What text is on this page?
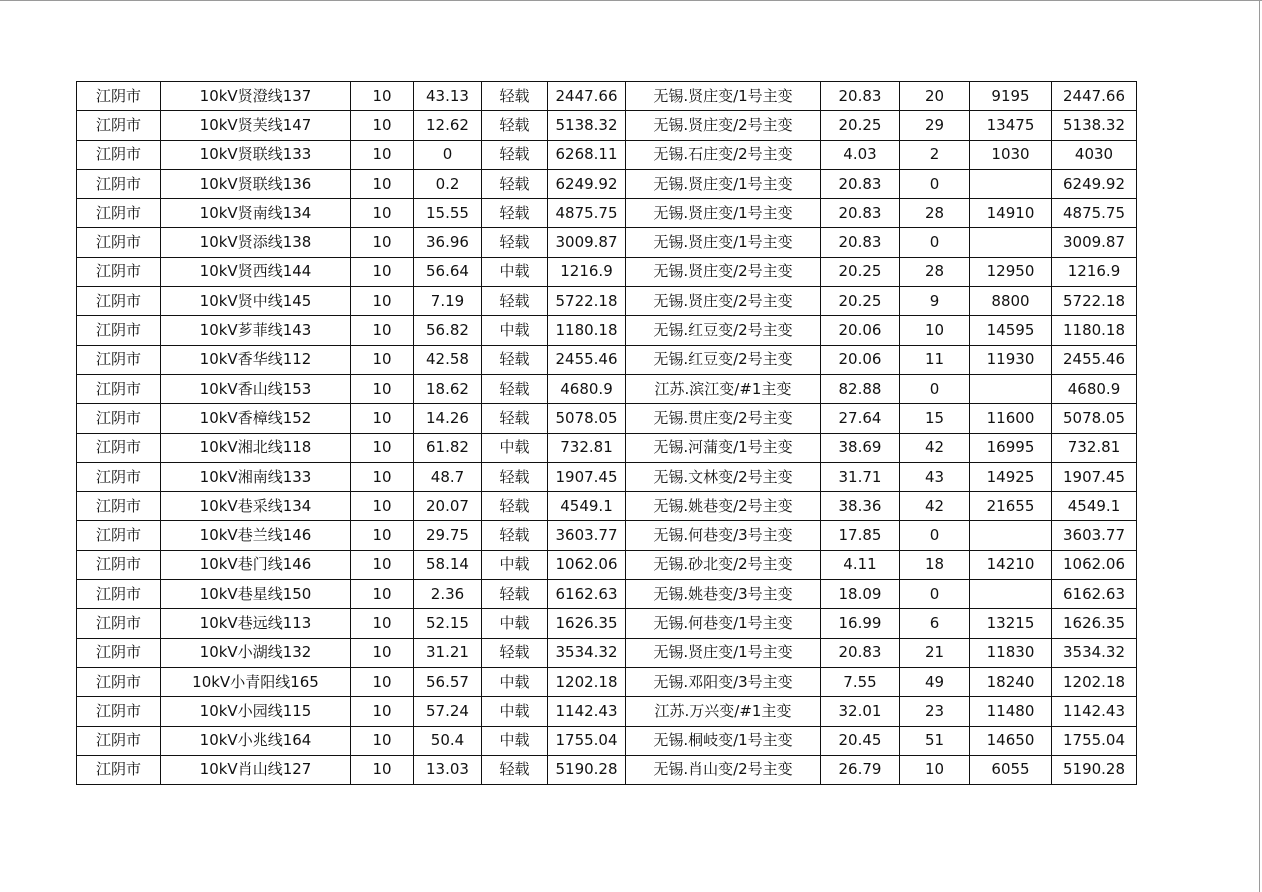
江阴市	10kV贤澄线137	10	43.13	轻载	2447.66	无锡.贤庄变/1号主变	20.83	20	9195	2447.66
江阴市	10kV贤芙线147	10	12.62	轻载	5138.32	无锡.贤庄变/2号主变	20.25	29	13475	5138.32
江阴市	10kV贤联线133	10	0	轻载	6268.11	无锡.石庄变/2号主变	4.03	2	1030	4030
江阴市	10kV贤联线136	10	0.2	轻载	6249.92	无锡.贤庄变/1号主变	20.83	0		6249.92
江阴市	10kV贤南线134	10	15.55	轻载	4875.75	无锡.贤庄变/1号主变	20.83	28	14910	4875.75
江阴市	10kV贤添线138	10	36.96	轻载	3009.87	无锡.贤庄变/1号主变	20.83	0		3009.87
江阴市	10kV贤西线144	10	56.64	中载	1216.9	无锡.贤庄变/2号主变	20.25	28	12950	1216.9
江阴市	10kV贤中线145	10	7.19	轻载	5722.18	无锡.贤庄变/2号主变	20.25	9	8800	5722.18
江阴市	10kV芗菲线143	10	56.82	中载	1180.18	无锡.红豆变/2号主变	20.06	10	14595	1180.18
江阴市	10kV香华线112	10	42.58	轻载	2455.46	无锡.红豆变/2号主变	20.06	11	11930	2455.46
江阴市	10kV香山线153	10	18.62	轻载	4680.9	江苏.滨江变/#1主变	82.88	0		4680.9
江阴市	10kV香樟线152	10	14.26	轻载	5078.05	无锡.贯庄变/2号主变	27.64	15	11600	5078.05
江阴市	10kV湘北线118	10	61.82	中载	732.81	无锡.河蒲变/1号主变	38.69	42	16995	732.81
江阴市	10kV湘南线133	10	48.7	轻载	1907.45	无锡.文林变/2号主变	31.71	43	14925	1907.45
江阴市	10kV巷采线134	10	20.07	轻载	4549.1	无锡.姚巷变/2号主变	38.36	42	21655	4549.1
江阴市	10kV巷兰线146	10	29.75	轻载	3603.77	无锡.何巷变/3号主变	17.85	0		3603.77
江阴市	10kV巷门线146	10	58.14	中载	1062.06	无锡.砂北变/2号主变	4.11	18	14210	1062.06
江阴市	10kV巷星线150	10	2.36	轻载	6162.63	无锡.姚巷变/3号主变	18.09	0		6162.63
江阴市	10kV巷远线113	10	52.15	中载	1626.35	无锡.何巷变/1号主变	16.99	6	13215	1626.35
江阴市	10kV小湖线132	10	31.21	轻载	3534.32	无锡.贤庄变/1号主变	20.83	21	11830	3534.32
江阴市	10kV小青阳线165	10	56.57	中载	1202.18	无锡.邓阳变/3号主变	7.55	49	18240	1202.18
江阴市	10kV小园线115	10	57.24	中载	1142.43	江苏.万兴变/#1主变	32.01	23	11480	1142.43
江阴市	10kV小兆线164	10	50.4	中载	1755.04	无锡.桐岐变/1号主变	20.45	51	14650	1755.04
江阴市	10kV肖山线127	10	13.03	轻载	5190.28	无锡.肖山变/2号主变	26.79	10	6055	5190.28
